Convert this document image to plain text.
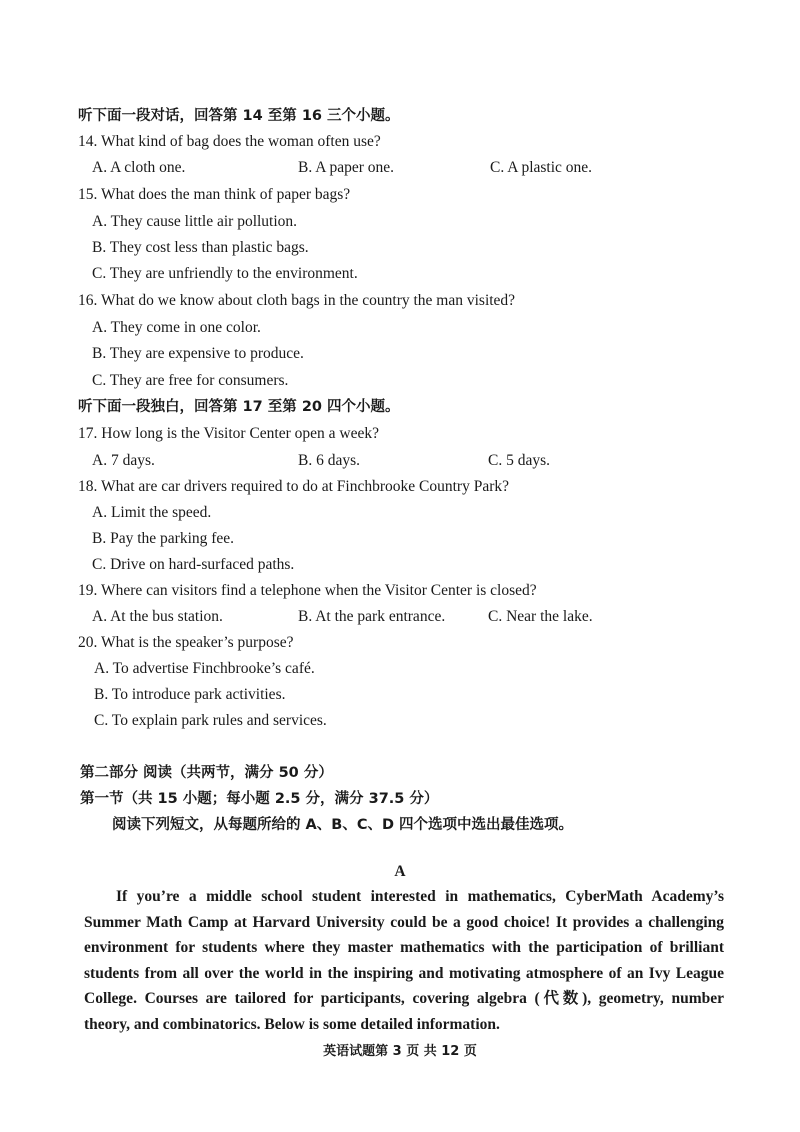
听下面一段对话，回答第 14 至第 16 三个小题。
14. What kind of bag does the woman often use?
A. A cloth one.	B. A paper one.	C. A plastic one.
15. What does the man think of paper bags?
A. They cause little air pollution.
B. They cost less than plastic bags.
C. They are unfriendly to the environment.
16. What do we know about cloth bags in the country the man visited?
A. They come in one color.
B. They are expensive to produce.
C. They are free for consumers.
听下面一段独白，回答第 17 至第 20 四个小题。
17. How long is the Visitor Center open a week?
A. 7 days.	B. 6 days.	C. 5 days.
18. What are car drivers required to do at Finchbrooke Country Park?
A. Limit the speed.
B. Pay the parking fee.
C. Drive on hard-surfaced paths.
19. Where can visitors find a telephone when the Visitor Center is closed?
A. At the bus station.	B. At the park entrance.	C. Near the lake.
20. What is the speaker’s purpose?
A. To advertise Finchbrooke’s café.
B. To introduce park activities.
C. To explain park rules and services.
第二部分 阅读（共两节，满分 50 分）
第一节（共 15 小题；每小题 2.5 分，满分 37.5 分）
阅读下列短文，从每题所给的 A、B、C、D 四个选项中选出最佳选项。
A
If you’re a middle school student interested in mathematics, CyberMath Academy’s Summer Math Camp at Harvard University could be a good choice! It provides a challenging environment for students where they master mathematics with the participation of brilliant students from all over the world in the inspiring and motivating atmosphere of an Ivy League College. Courses are tailored for participants, covering algebra (代数), geometry, number theory, and combinatorics. Below is some detailed information.
英语试题第 3 页 共 12 页
